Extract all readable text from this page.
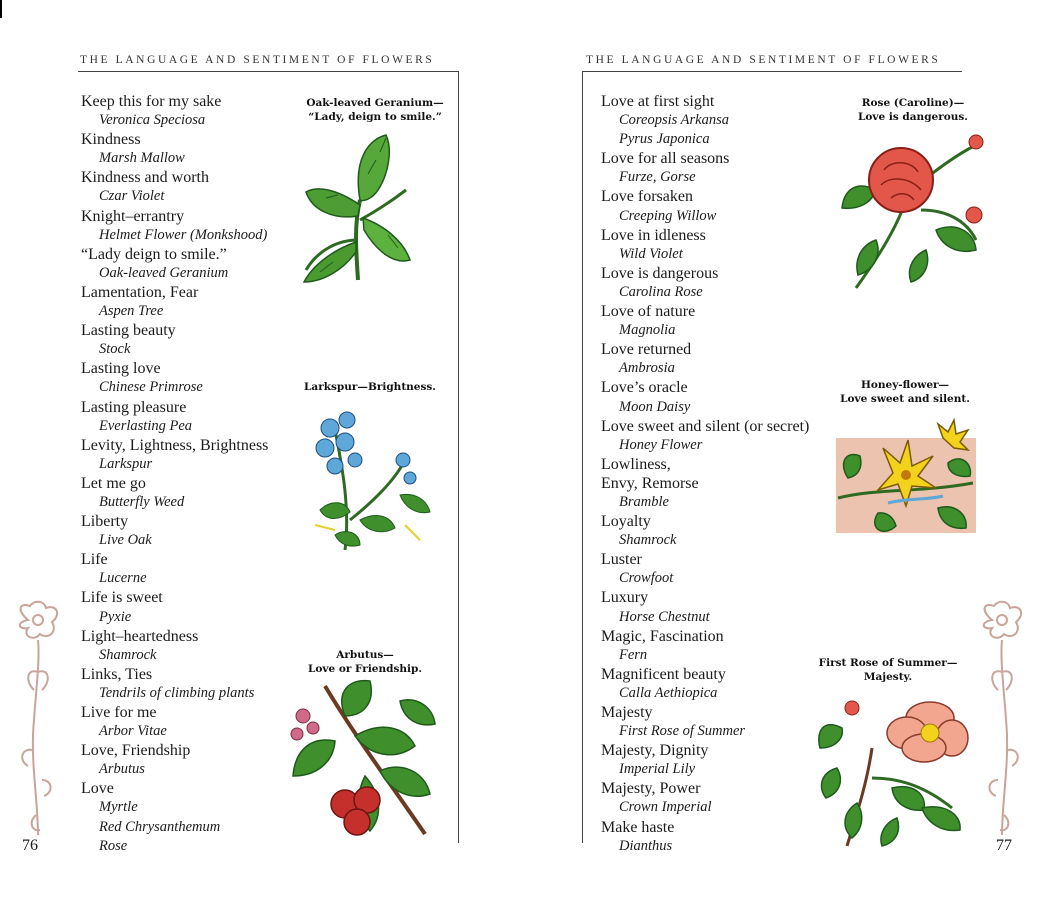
THE LANGUAGE AND SENTIMENT OF FLOWERS
Keep this for my sake
Veronica Speciosa
Kindness
Marsh Mallow
Kindness and worth
Czar Violet
Knight–errantry
Helmet Flower (Monkshood)
“Lady deign to smile.”
Oak-leaved Geranium
Lamentation, Fear
Aspen Tree
Lasting beauty
Stock
Lasting love
Chinese Primrose
Lasting pleasure
Everlasting Pea
Levity, Lightness, Brightness
Larkspur
Let me go
Butterfly Weed
Liberty
Live Oak
Life
Lucerne
Life is sweet
Pyxie
Light–heartedness
Shamrock
Links, Ties
Tendrils of climbing plants
Live for me
Arbor Vitae
Love, Friendship
Arbutus
Love
Myrtle
Red Chrysanthemum
Rose
Oak-leaved Geranium—
“Lady, deign to smile.”
Larkspur—Brightness.
Arbutus—
Love or Friendship.
76
THE LANGUAGE AND SENTIMENT OF FLOWERS
Love at first sight
Coreopsis Arkansa
Pyrus Japonica
Love for all seasons
Furze, Gorse
Love forsaken
Creeping Willow
Love in idleness
Wild Violet
Love is dangerous
Carolina Rose
Love of nature
Magnolia
Love returned
Ambrosia
Love’s oracle
Moon Daisy
Love sweet and silent (or secret)
Honey Flower
Lowliness,
Envy, Remorse
Bramble
Loyalty
Shamrock
Luster
Crowfoot
Luxury
Horse Chestnut
Magic, Fascination
Fern
Magnificent beauty
Calla Aethiopica
Majesty
First Rose of Summer
Majesty, Dignity
Imperial Lily
Majesty, Power
Crown Imperial
Make haste
Dianthus
Rose (Caroline)—
Love is dangerous.
Honey-flower—
Love sweet and silent.
First Rose of Summer—
Majesty.
77
